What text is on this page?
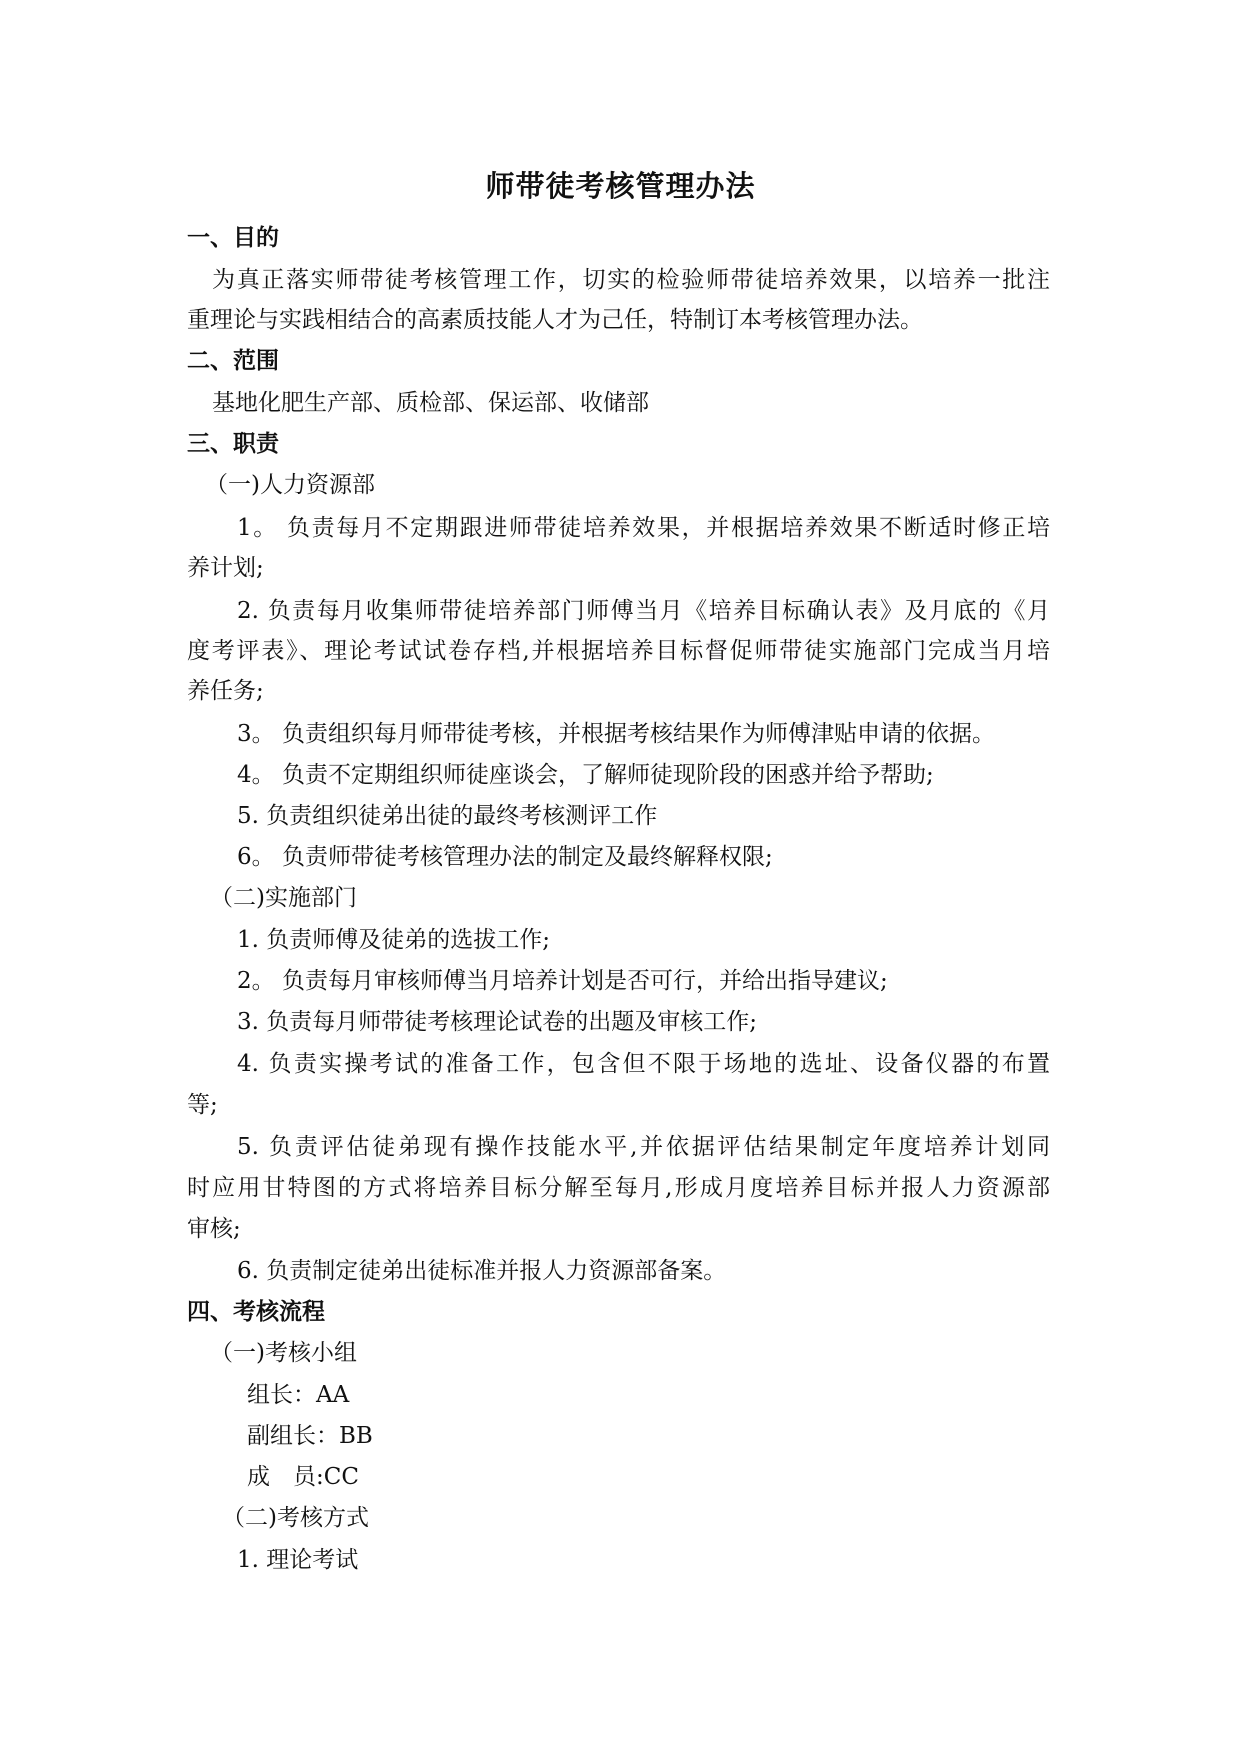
师带徒考核管理办法
一、目的
为真正落实师带徒考核管理工作，切实的检验师带徒培养效果，以培养一批注
重理论与实践相结合的高素质技能人才为己任，特制订本考核管理办法。
二、范围
基地化肥生产部、质检部、保运部、收储部
三、职责
（一)人力资源部
1。 负责每月不定期跟进师带徒培养效果，并根据培养效果不断适时修正培
养计划;
2. 负责每月收集师带徒培养部门师傅当月《培养目标确认表》及月底的《月
度考评表》、理论考试试卷存档,并根据培养目标督促师带徒实施部门完成当月培
养任务;
3。 负责组织每月师带徒考核，并根据考核结果作为师傅津贴申请的依据。
4。 负责不定期组织师徒座谈会，了解师徒现阶段的困惑并给予帮助;
5. 负责组织徒弟出徒的最终考核测评工作
6。 负责师带徒考核管理办法的制定及最终解释权限;
（二)实施部门
1. 负责师傅及徒弟的选拔工作;
2。 负责每月审核师傅当月培养计划是否可行，并给出指导建议;
3. 负责每月师带徒考核理论试卷的出题及审核工作;
4. 负责实操考试的准备工作，包含但不限于场地的选址、设备仪器的布置
等;
5. 负责评估徒弟现有操作技能水平,并依据评估结果制定年度培养计划同
时应用甘特图的方式将培养目标分解至每月,形成月度培养目标并报人力资源部
审核;
6. 负责制定徒弟出徒标准并报人力资源部备案。
四、考核流程
（一)考核小组
组长：AA
副组长：BB
成　员:CC
（二)考核方式
1. 理论考试
